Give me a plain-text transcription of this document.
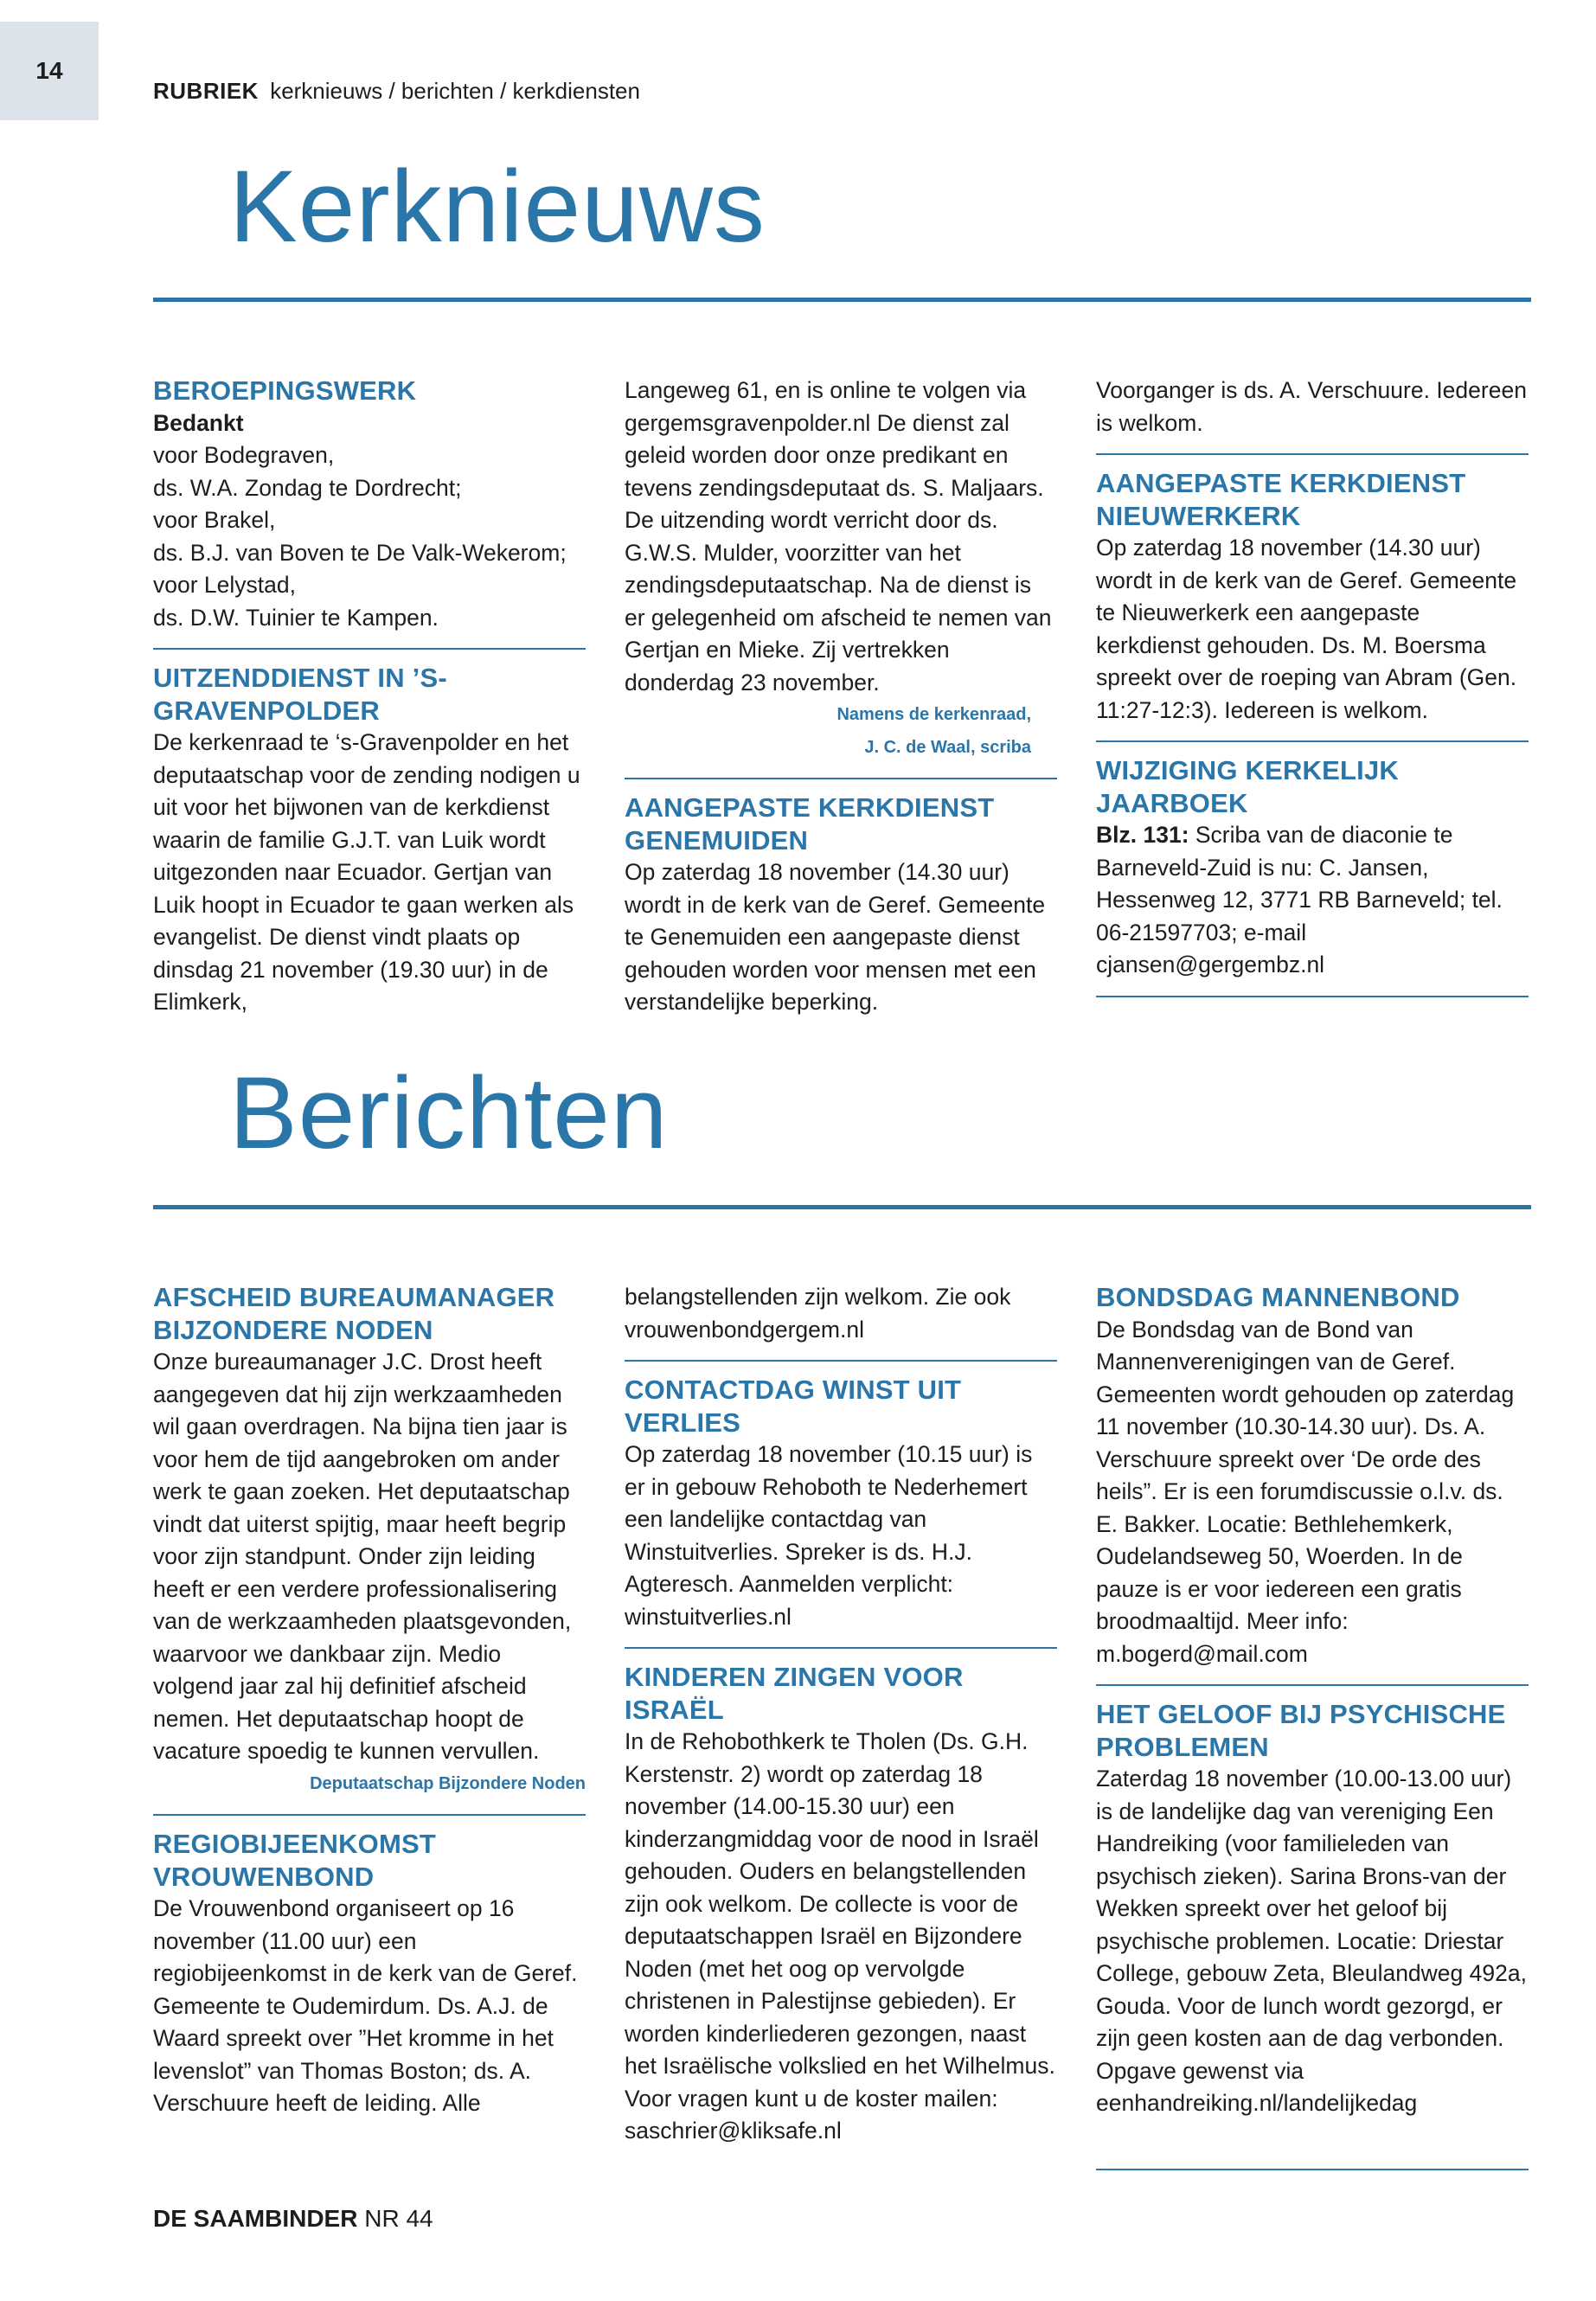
14
RUBRIEK kerknieuws / berichten / kerkdiensten
Kerknieuws
BEROEPINGSWERK

Bedankt

voor Bodegraven,

ds. W.A. Zondag te Dordrecht;

voor Brakel,

ds. B.J. van Boven te De Valk-Wekerom;

voor Lelystad,

ds. D.W. Tuinier te Kampen.

UITZENDDIENST IN ’S-GRAVENPOLDER

De kerkenraad te ‘s-Gravenpolder en het deputaatschap voor de zending nodigen u uit voor het bijwonen van de kerkdienst waarin de familie G.J.T. van Luik wordt uitgezonden naar Ecuador. Gertjan van Luik hoopt in Ecuador te gaan werken als evangelist. De dienst vindt plaats op dinsdag 21 november (19.30 uur) in de Elimkerk,

Langeweg 61, en is online te volgen via gergemsgravenpolder.nl De dienst zal geleid worden door onze predikant en tevens zendingsdeputaat ds. S. Maljaars. De uitzending wordt verricht door ds. G.W.S. Mulder, voorzitter van het zendingsdeputaatschap. Na de dienst is er gelegenheid om afscheid te nemen van Gertjan en Mieke. Zij vertrekken donderdag 23 november.

Namens de kerkenraad,

J. C. de Waal, scriba

AANGEPASTE KERKDIENST GENEMUIDEN

Op zaterdag 18 november (14.30 uur) wordt in de kerk van de Geref. Gemeente te Genemuiden een aangepaste dienst gehouden worden voor mensen met een verstandelijke beperking.

Voorganger is ds. A. Verschuure. Iedereen is welkom.

AANGEPASTE KERKDIENST NIEUWERKERK

Op zaterdag 18 november (14.30 uur) wordt in de kerk van de Geref. Gemeente te Nieuwerkerk een aangepaste kerkdienst gehouden. Ds. M. Boersma spreekt over de roeping van Abram (Gen. 11:27-12:3). Iedereen is welkom.

WIJZIGING KERKELIJK JAARBOEK

Blz. 131: Scriba van de diaconie te Barneveld-Zuid is nu: C. Jansen, Hessenweg 12, 3771 RB Barneveld; tel. 06-21597703; e-mail cjansen@gergembz.nl

Berichten
AFSCHEID BUREAUMANAGER BIJZONDERE NODEN

Onze bureaumanager J.C. Drost heeft aangegeven dat hij zijn werkzaamheden wil gaan overdragen. Na bijna tien jaar is voor hem de tijd aangebroken om ander werk te gaan zoeken. Het deputaatschap vindt dat uiterst spijtig, maar heeft begrip voor zijn standpunt. Onder zijn leiding heeft er een verdere professionalisering van de werkzaamheden plaatsgevonden, waarvoor we dankbaar zijn. Medio volgend jaar zal hij definitief afscheid nemen. Het deputaatschap hoopt de vacature spoedig te kunnen vervullen.

Deputaatschap Bijzondere Noden

REGIOBIJEENKOMST VROUWENBOND

De Vrouwenbond organiseert op 16 november (11.00 uur) een regiobijeenkomst in de kerk van de Geref. Gemeente te Oudemirdum. Ds. A.J. de Waard spreekt over ”Het kromme in het levenslot” van Thomas Boston; ds. A. Verschuure heeft de leiding. Alle

belangstellenden zijn welkom. Zie ook vrouwenbondgergem.nl

CONTACTDAG WINST UIT VERLIES

Op zaterdag 18 november (10.15 uur) is er in gebouw Rehoboth te Nederhemert een landelijke contactdag van Winstuitverlies. Spreker is ds. H.J. Agteresch. Aanmelden verplicht: winstuitverlies.nl

KINDEREN ZINGEN VOOR ISRAËL

In de Rehobothkerk te Tholen (Ds. G.H. Kerstenstr. 2) wordt op zaterdag 18 november (14.00-15.30 uur) een kinderzangmiddag voor de nood in Israël gehouden. Ouders en belangstellenden zijn ook welkom. De collecte is voor de deputaatschappen Israël en Bijzondere Noden (met het oog op vervolgde christenen in Palestijnse gebieden). Er worden kinderliederen gezongen, naast het Israëlische volkslied en het Wilhelmus. Voor vragen kunt u de koster mailen: saschrier@kliksafe.nl

BONDSDAG MANNENBOND

De Bondsdag van de Bond van Mannenverenigingen van de Geref. Gemeenten wordt gehouden op zaterdag 11 november (10.30-14.30 uur). Ds. A. Verschuure spreekt over ‘De orde des heils”. Er is een forumdiscussie o.l.v. ds. E. Bakker. Locatie: Bethlehemkerk, Oudelandseweg 50, Woerden. In de pauze is er voor iedereen een gratis broodmaaltijd. Meer info: m.bogerd@mail.com

HET GELOOF BIJ PSYCHISCHE PROBLEMEN

Zaterdag 18 november (10.00-13.00 uur) is de landelijke dag van vereniging Een Handreiking (voor familieleden van psychisch zieken). Sarina Brons-van der Wekken spreekt over het geloof bij psychische problemen. Locatie: Driestar College, gebouw Zeta, Bleulandweg 492a, Gouda. Voor de lunch wordt gezorgd, er zijn geen kosten aan de dag verbonden. Opgave gewenst via eenhandreiking.nl/landelijkedag

DE SAAMBINDER NR 44
